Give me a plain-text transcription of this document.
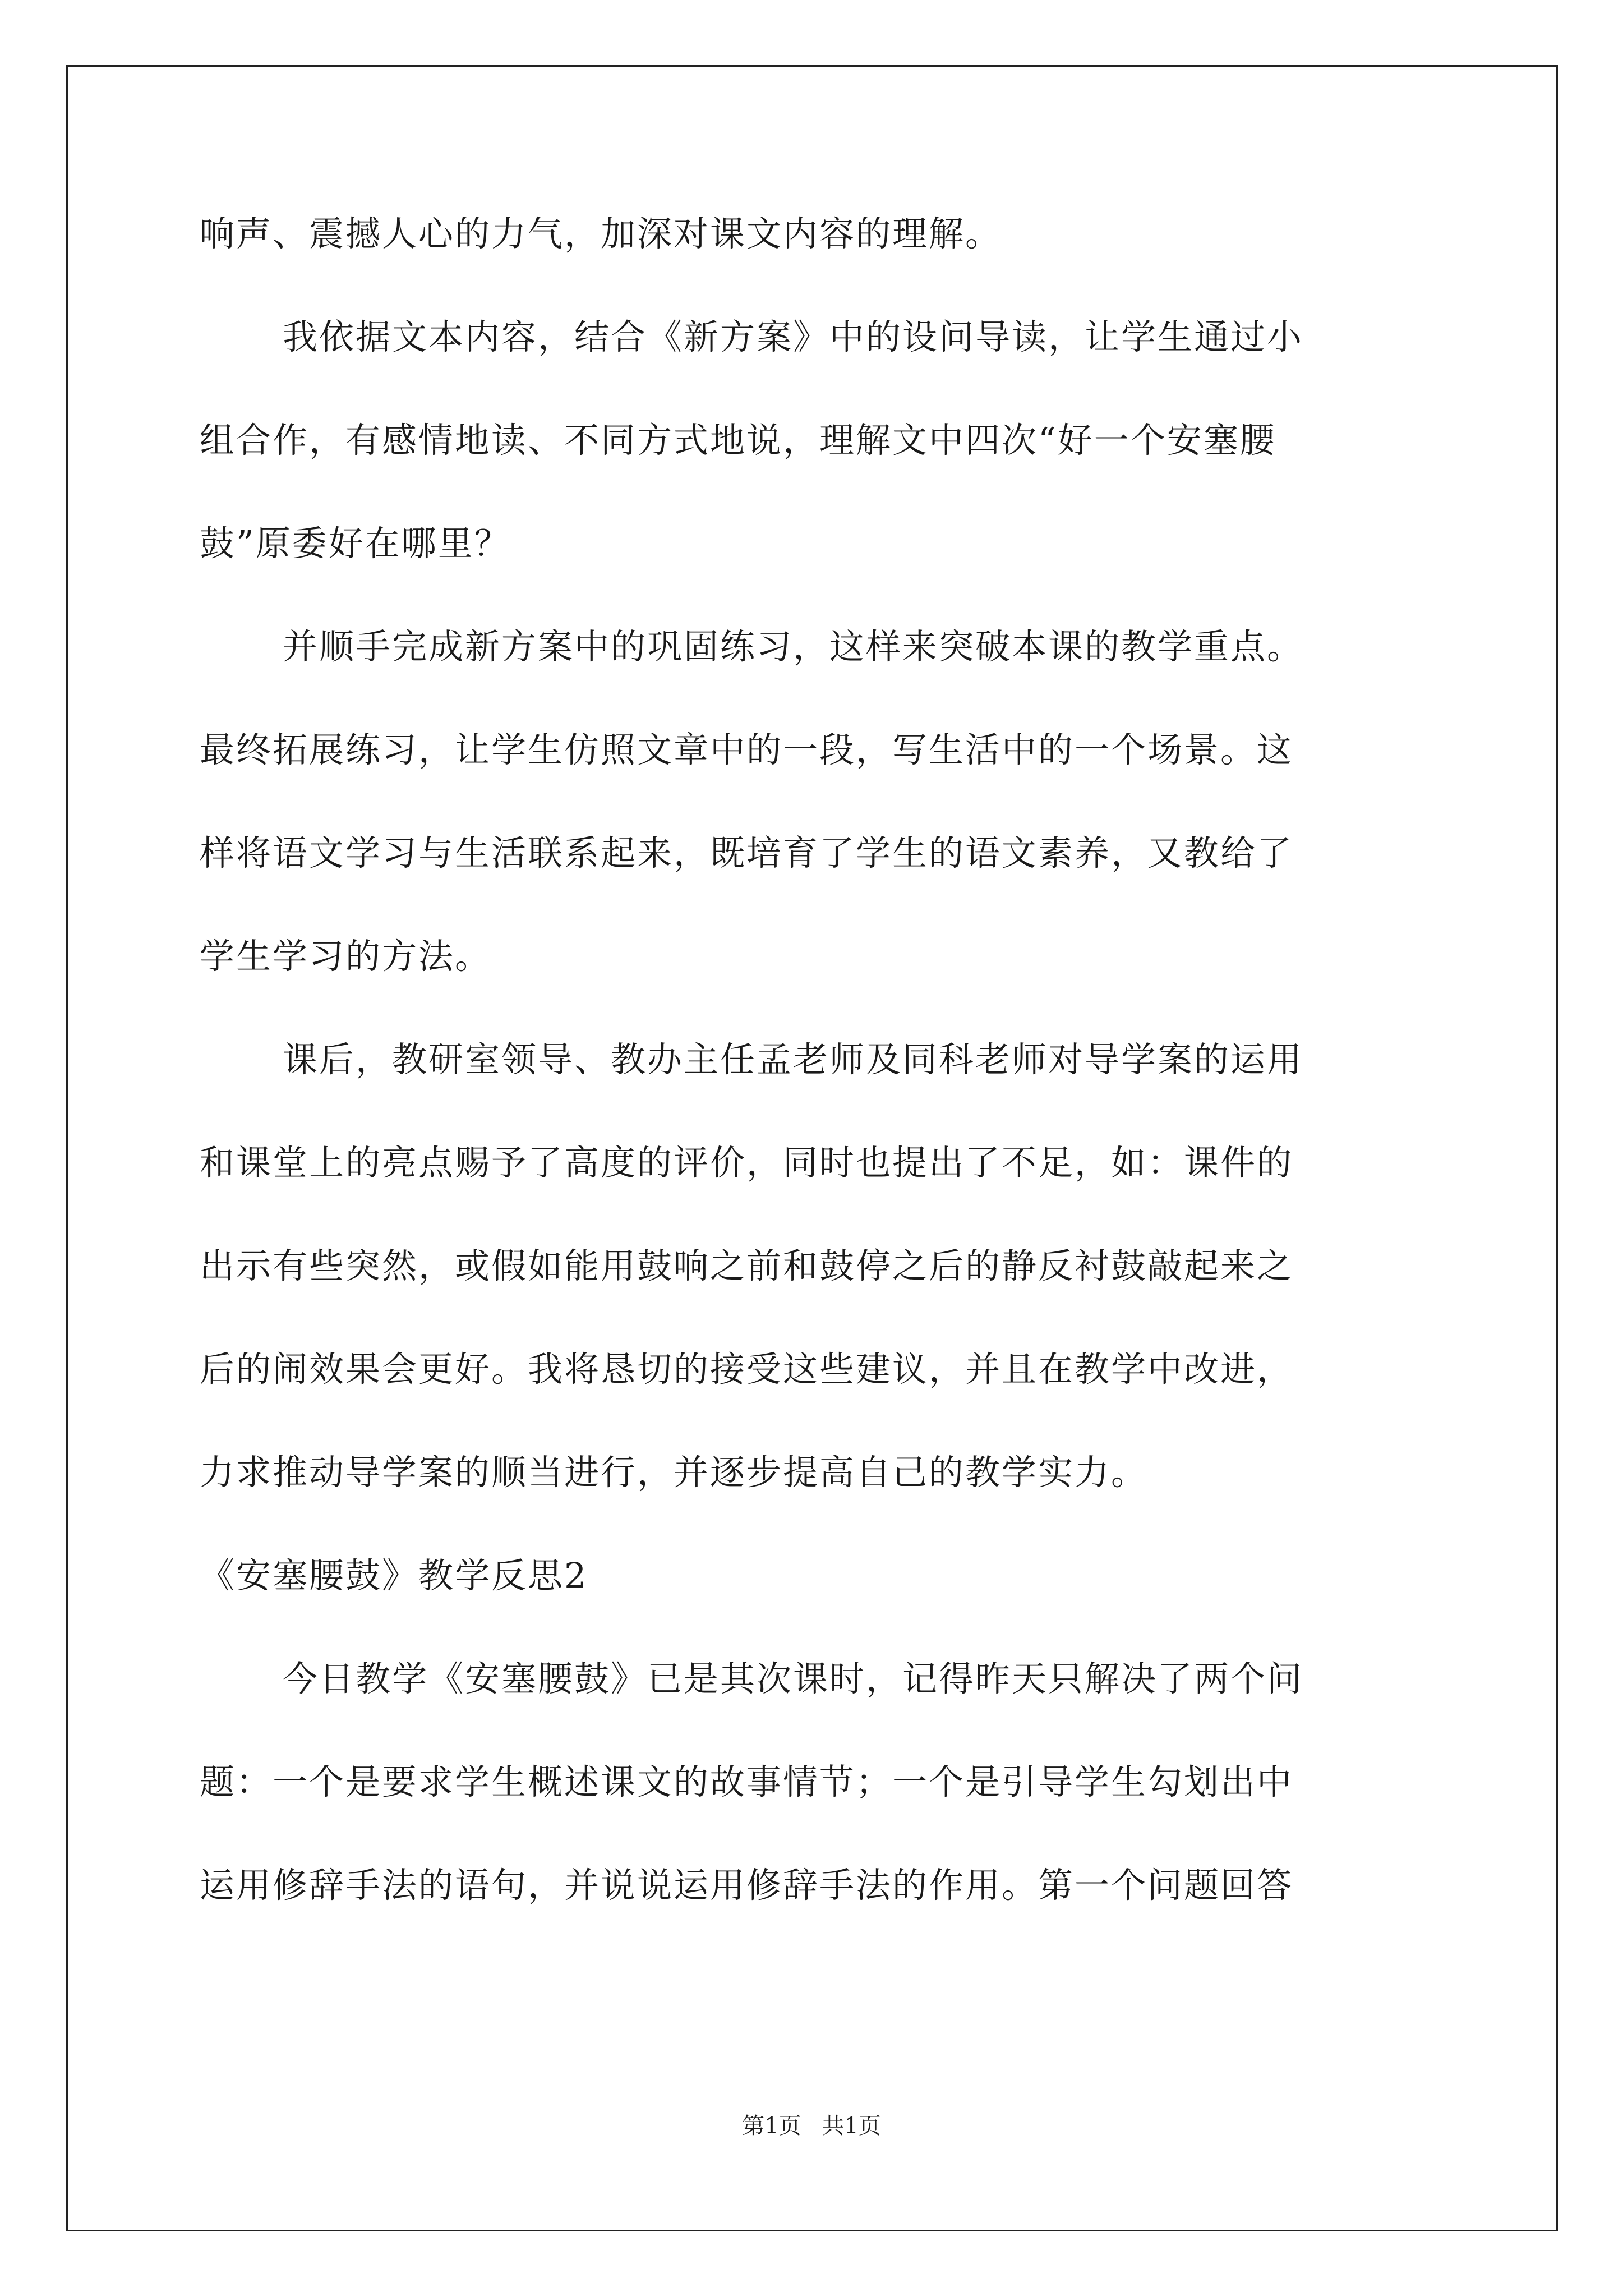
响声、震撼人心的力气，加深对课文内容的理解。
我依据文本内容，结合《新方案》中的设问导读，让学生通过小
组合作，有感情地读、不同方式地说，理解文中四次“好一个安塞腰
鼓”原委好在哪里？
并顺手完成新方案中的巩固练习，这样来突破本课的教学重点。
最终拓展练习，让学生仿照文章中的一段，写生活中的一个场景。这
样将语文学习与生活联系起来，既培育了学生的语文素养，又教给了
学生学习的方法。
课后，教研室领导、教办主任孟老师及同科老师对导学案的运用
和课堂上的亮点赐予了高度的评价，同时也提出了不足，如：课件的
出示有些突然，或假如能用鼓响之前和鼓停之后的静反衬鼓敲起来之
后的闹效果会更好。我将恳切的接受这些建议，并且在教学中改进，
力求推动导学案的顺当进行，并逐步提高自己的教学实力。
《安塞腰鼓》教学反思2
今日教学《安塞腰鼓》已是其次课时，记得昨天只解决了两个问
题：一个是要求学生概述课文的故事情节；一个是引导学生勾划出中
运用修辞手法的语句，并说说运用修辞手法的作用。第一个问题回答
第1页 共1页
